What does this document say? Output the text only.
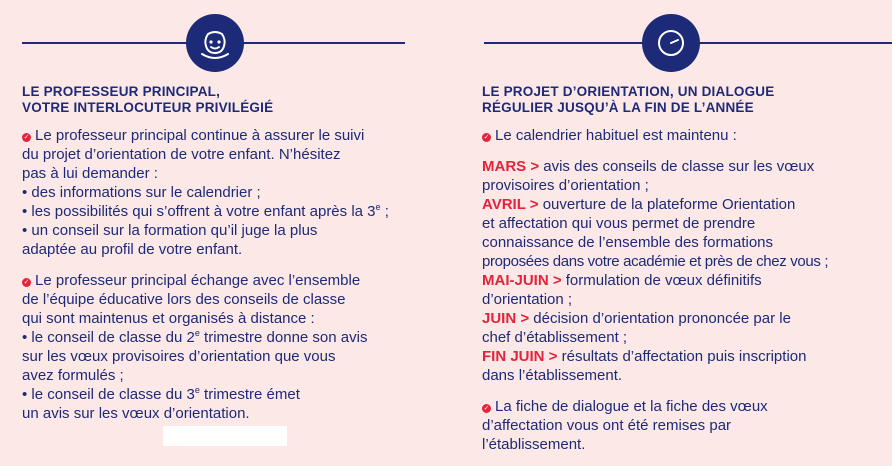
LE PROFESSEUR PRINCIPAL,
VOTRE INTERLOCUTEUR PRIVILÉGIÉ
✓ Le professeur principal continue à assurer le suivi
du projet d’orientation de votre enfant. N’hésitez
pas à lui demander :
• des informations sur le calendrier ;
• les possibilités qui s’offrent à votre enfant après la 3e ;
• un conseil sur la formation qu’il juge la plus
adaptée au profil de votre enfant.
✓ Le professeur principal échange avec l’ensemble
de l’équipe éducative lors des conseils de classe
qui sont maintenus et organisés à distance :
• le conseil de classe du 2e trimestre donne son avis
sur les vœux provisoires d’orientation que vous
avez formulés ;
• le conseil de classe du 3e trimestre émet
un avis sur les vœux d’orientation.
LE PROJET D’ORIENTATION, UN DIALOGUE
RÉGULIER JUSQU’À LA FIN DE L’ANNÉE
✓ Le calendrier habituel est maintenu :
MARS > avis des conseils de classe sur les vœux
provisoires d’orientation ;
AVRIL > ouverture de la plateforme Orientation
et affectation qui vous permet de prendre
connaissance de l’ensemble des formations
proposées dans votre académie et près de chez vous ;
MAI-JUIN > formulation de vœux définitifs
d’orientation ;
JUIN > décision d’orientation prononcée par le
chef d’établissement ;
FIN JUIN > résultats d’affectation puis inscription
dans l’établissement.
✓ La fiche de dialogue et la fiche des vœux
d’affectation vous ont été remises par
l’établissement.
